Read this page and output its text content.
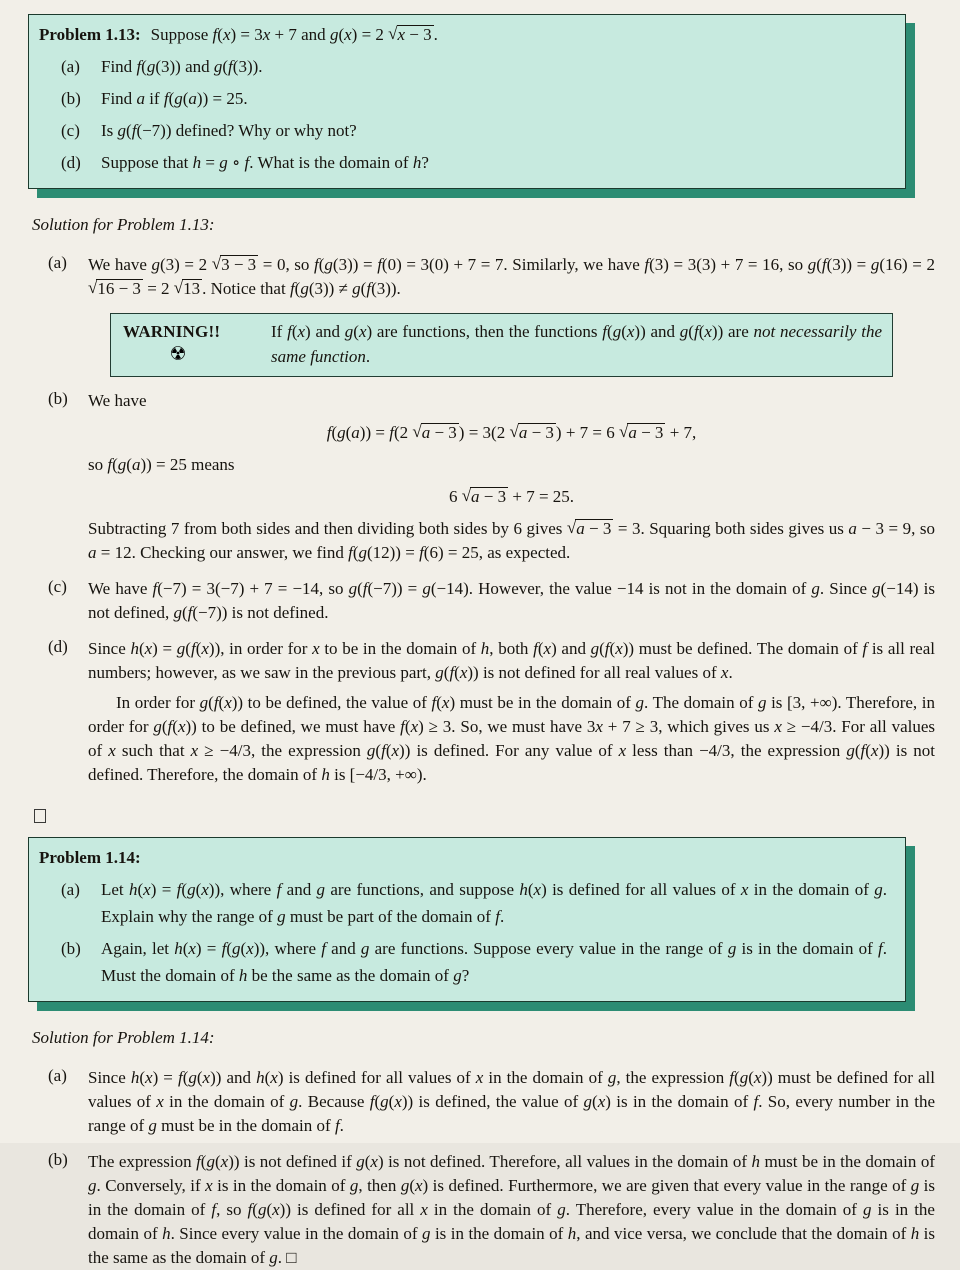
Problem 1.13: Suppose f(x) = 3x + 7 and g(x) = 2 √x − 3 .
(a)	Find f(g(3)) and g(f(3)).
(b)	Find a if f(g(a)) = 25.
(c)	Is g(f(−7)) defined? Why or why not?
(d)	Suppose that h = g ∘ f. What is the domain of h?
Solution for Problem 1.13:
(a)	We have g(3) = 2 √3 − 3 = 0, so f(g(3)) = f(0) = 3(0) + 7 = 7. Similarly, we have f(3) = 3(3) + 7 = 16, so g(f(3)) = g(16) = 2 √16 − 3 = 2 √13 . Notice that f(g(3)) ≠ g(f(3)).
WARNING!!
☢
If f(x) and g(x) are functions, then the functions f(g(x)) and g(f(x)) are not necessarily the same function.
(b)	We have
f(g(a)) = f(2 √a − 3 ) = 3(2 √a − 3 ) + 7 = 6 √a − 3 + 7,
so f(g(a)) = 25 means
6 √a − 3 + 7 = 25.
Subtracting 7 from both sides and then dividing both sides by 6 gives √a − 3 = 3. Squaring both sides gives us a − 3 = 9, so a = 12. Checking our answer, we find f(g(12)) = f(6) = 25, as expected.
(c)	We have f(−7) = 3(−7) + 7 = −14, so g(f(−7)) = g(−14). However, the value −14 is not in the domain of g. Since g(−14) is not defined, g(f(−7)) is not defined.
(d)	Since h(x) = g(f(x)), in order for x to be in the domain of h, both f(x) and g(f(x)) must be defined. The domain of f is all real numbers; however, as we saw in the previous part, g(f(x)) is not defined for all real values of x.
In order for g(f(x)) to be defined, the value of f(x) must be in the domain of g. The domain of g is [3, +∞). Therefore, in order for g(f(x)) to be defined, we must have f(x) ≥ 3. So, we must have 3x + 7 ≥ 3, which gives us x ≥ −4/3. For all values of x such that x ≥ −4/3, the expression g(f(x)) is defined. For any value of x less than −4/3, the expression g(f(x)) is not defined. Therefore, the domain of h is [−4/3, +∞).
Problem 1.14:
(a)	Let h(x) = f(g(x)), where f and g are functions, and suppose h(x) is defined for all values of x in the domain of g. Explain why the range of g must be part of the domain of f.
(b)	Again, let h(x) = f(g(x)), where f and g are functions. Suppose every value in the range of g is in the domain of f. Must the domain of h be the same as the domain of g?
Solution for Problem 1.14:
(a)	Since h(x) = f(g(x)) and h(x) is defined for all values of x in the domain of g, the expression f(g(x)) must be defined for all values of x in the domain of g. Because f(g(x)) is defined, the value of g(x) is in the domain of f. So, every number in the range of g must be in the domain of f.
(b)	The expression f(g(x)) is not defined if g(x) is not defined. Therefore, all values in the domain of h must be in the domain of g. Conversely, if x is in the domain of g, then g(x) is defined. Furthermore, we are given that every value in the range of g is in the domain of f, so f(g(x)) is defined for all x in the domain of g. Therefore, every value in the domain of g is in the domain of h. Since every value in the domain of g is in the domain of h, and vice versa, we conclude that the domain of h is the same as the domain of g. □
